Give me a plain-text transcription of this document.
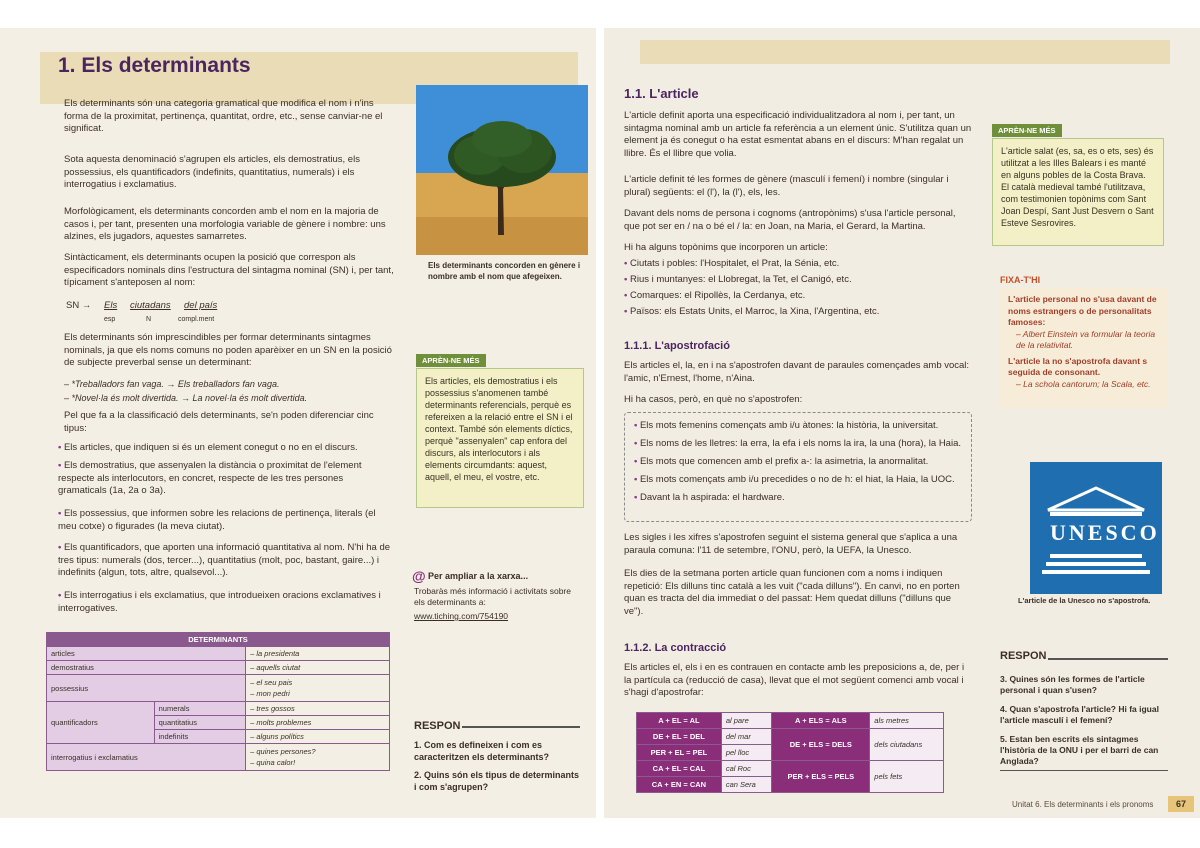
1. Els determinants
Els determinants són una categoria gramatical que modifica el nom i n'ins forma de la proximitat, pertinença, quantitat, ordre, etc., sense canviar-ne el significat.
Sota aquesta denominació s'agrupen els articles, els demostratius, els possessius, els quantificadors (indefinits, quantitatius, numerals) i els interrogatius i exclamatius.
Morfològicament, els determinants concorden amb el nom en la majoria de casos i, per tant, presenten una morfologia variable de gènere i nombre: uns alzines, els jugadors, aquestes samarretes.
Sintàcticament, els determinants ocupen la posició que correspon als especificadors nominals dins l'estructura del sintagma nominal (SN) i, per tant, típicament s'anteposen al nom:
SN → Els ciutadans del país
esp	N	compl.ment
Els determinants són imprescindibles per formar determinants sintagmes nominals, ja que els noms comuns no poden aparèixer en un SN en la posició de subjecte preverbal sense un determinant:
– *Treballadors fan vaga. → Els treballadors fan vaga.
– *Novel·la és molt divertida. → La novel·la és molt divertida.
Pel que fa a la classificació dels determinants, se'n poden diferenciar cinc tipus:
• Els articles, que indiquen si és un element conegut o no en el discurs.
• Els demostratius, que assenyalen la distància o proximitat de l'element respecte als interlocutors, en concret, respecte de les tres persones gramaticals (1a, 2a o 3a).
• Els possessius, que informen sobre les relacions de pertinença, literals (el meu cotxe) o figurades (la meva ciutat).
• Els quantificadors, que aporten una informació quantitativa al nom. N'hi ha de tres tipus: numerals (dos, tercer...), quantitatius (molt, poc, bastant, gaire...) i indefinits (algun, tots, altre, qualsevol...).
• Els interrogatius i els exclamatius, que introdueixen oracions exclamatives i interrogatives.
Els determinants concorden en gènere i nombre amb el nom que afegeixen.
APRÈN-NE MÉS
Els articles, els demostratius i els possessius s'anomenen també determinants referencials, perquè es refereixen a la relació entre el SN i el context. També són elements díctics, perquè "assenyalen" cap enfora del discurs, als interlocutors i als elements circumdants: aquest, aquell, el meu, el vostre, etc.
@ Per ampliar a la xarxa...
Trobaràs més informació i activitats sobre els determinants a:
www.tiching.com/754190
RESPON
1. Com es defineixen i com es caracteritzen els determinants?
2. Quins són els tipus de determinants i com s'agrupen?
DETERMINANTS		
articles		– la presidenta
demostratius		– aquells ciutat
possessius		– el seu pais
– mon pedri
quantificadors	numerals	– tres gossos
	quantitatius	– molts problemes
	indefinits	– alguns polítics
interrogatius i exclamatius		– quines persones?
– quina calor!
1.1. L'article
L'article definit aporta una especificació individualitzadora al nom i, per tant, un sintagma nominal amb un article fa referència a un element únic. S'utilitza quan un element ja és conegut o ha estat esmentat abans en el discurs: M'han regalat un llibre. És el llibre que volia.
L'article definit té les formes de gènere (masculí i femení) i nombre (singular i plural) següents: el (l'), la (l'), els, les.
Davant dels noms de persona i cognoms (antropònims) s'usa l'article personal, que pot ser en / na o bé el / la: en Joan, na Maria, el Gerard, la Martina.
Hi ha alguns topònims que incorporen un article:
• Ciutats i pobles: l'Hospitalet, el Prat, la Sénia, etc.
• Rius i muntanyes: el Llobregat, la Tet, el Canigó, etc.
• Comarques: el Ripollès, la Cerdanya, etc.
• Països: els Estats Units, el Marroc, la Xina, l'Argentina, etc.
1.1.1. L'apostrofació
Els articles el, la, en i na s'apostrofen davant de paraules començades amb vocal: l'amic, n'Ernest, l'home, n'Aina.
Hi ha casos, però, en què no s'apostrofen:
• Els mots femenins començats amb i/u àtones: la història, la universitat.
• Els noms de les lletres: la erra, la efa i els noms la ira, la una (hora), la Haia.
• Els mots que comencen amb el prefix a-: la asimetria, la anormalitat.
• Els mots començats amb i/u precedides o no de h: el hiat, la Haia, la UOC.
• Davant la h aspirada: el hardware.
Les sigles i les xifres s'apostrofen seguint el sistema general que s'aplica a una paraula comuna: l'11 de setembre, l'ONU, però, la UEFA, la Unesco.
Els dies de la setmana porten article quan funcionen com a noms i indiquen repetició: Els dilluns tinc català a les vuit ("cada dilluns"). En canvi, no en porten quan es tracta del dia immediat o del passat: Hem quedat dilluns ("dilluns que ve").
1.1.2. La contracció
Els articles el, els i en es contrauen en contacte amb les preposicions a, de, per i la partícula ca (reducció de casa), llevat que el mot següent comenci amb vocal i s'hagi d'apostrofar:
A + EL = AL	al pare	A + ELS = ALS	als metres
DE + EL = DEL	del mar	DE + ELS = DELS	dels ciutadans
PER + EL = PEL	pel lloc		
CA + EL = CAL	cal Roc	PER + ELS = PELS	pels fets
CA + EN = CAN	can Sera		
APRÈN-NE MÉS
L'article salat (es, sa, es o ets, ses) és utilitzat a les Illes Balears i es manté en alguns pobles de la Costa Brava. El català medieval també l'utilitzava, com testimonien topònims com Sant Joan Despí, Sant Just Desvern o Sant Esteve Sesrovires.
FIXA-T'HI
L'article personal no s'usa davant de noms estrangers o de personalitats famoses:
– Albert Einstein va formular la teoria de la relativitat.
L'article la no s'apostrofa davant s seguida de consonant.
– La schola cantorum; la Scala, etc.
UNESCO
L'article de la Unesco no s'apostrofa.
RESPON
3. Quines són les formes de l'article personal i quan s'usen?
4. Quan s'apostrofa l'article? Hi fa igual l'article masculí i el femení?
5. Estan ben escrits els sintagmes l'història de la ONU i per el barri de can Anglada?
Unitat 6. Els determinants i els pronoms	67
